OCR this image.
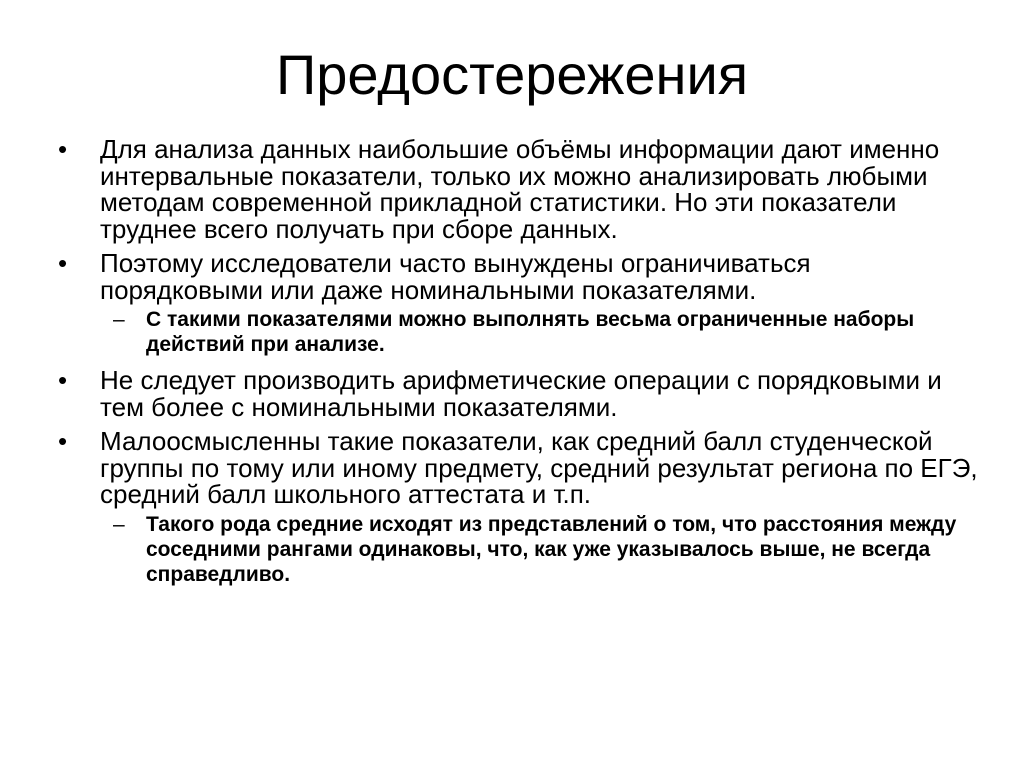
Предостережения
•	Для анализа данных наибольшие объёмы информации дают именно интервальные показатели, только их можно анализировать любыми методам современной прикладной статистики. Но эти показатели труднее всего получать при сборе данных.
•	Поэтому исследователи часто вынуждены ограничиваться порядковыми или даже номинальными показателями.
– С такими показателями можно выполнять весьма ограниченные наборы действий при анализе.
•	Не следует производить арифметические операции с порядковыми и тем более с номинальными показателями.
•	Малоосмысленны такие показатели, как средний балл студенческой группы по тому или иному предмету, средний результат региона по ЕГЭ, средний балл школьного аттестата и т.п.
– Такого рода средние исходят из представлений о том, что расстояния между соседними рангами одинаковы, что, как уже указывалось выше, не всегда справедливо.
